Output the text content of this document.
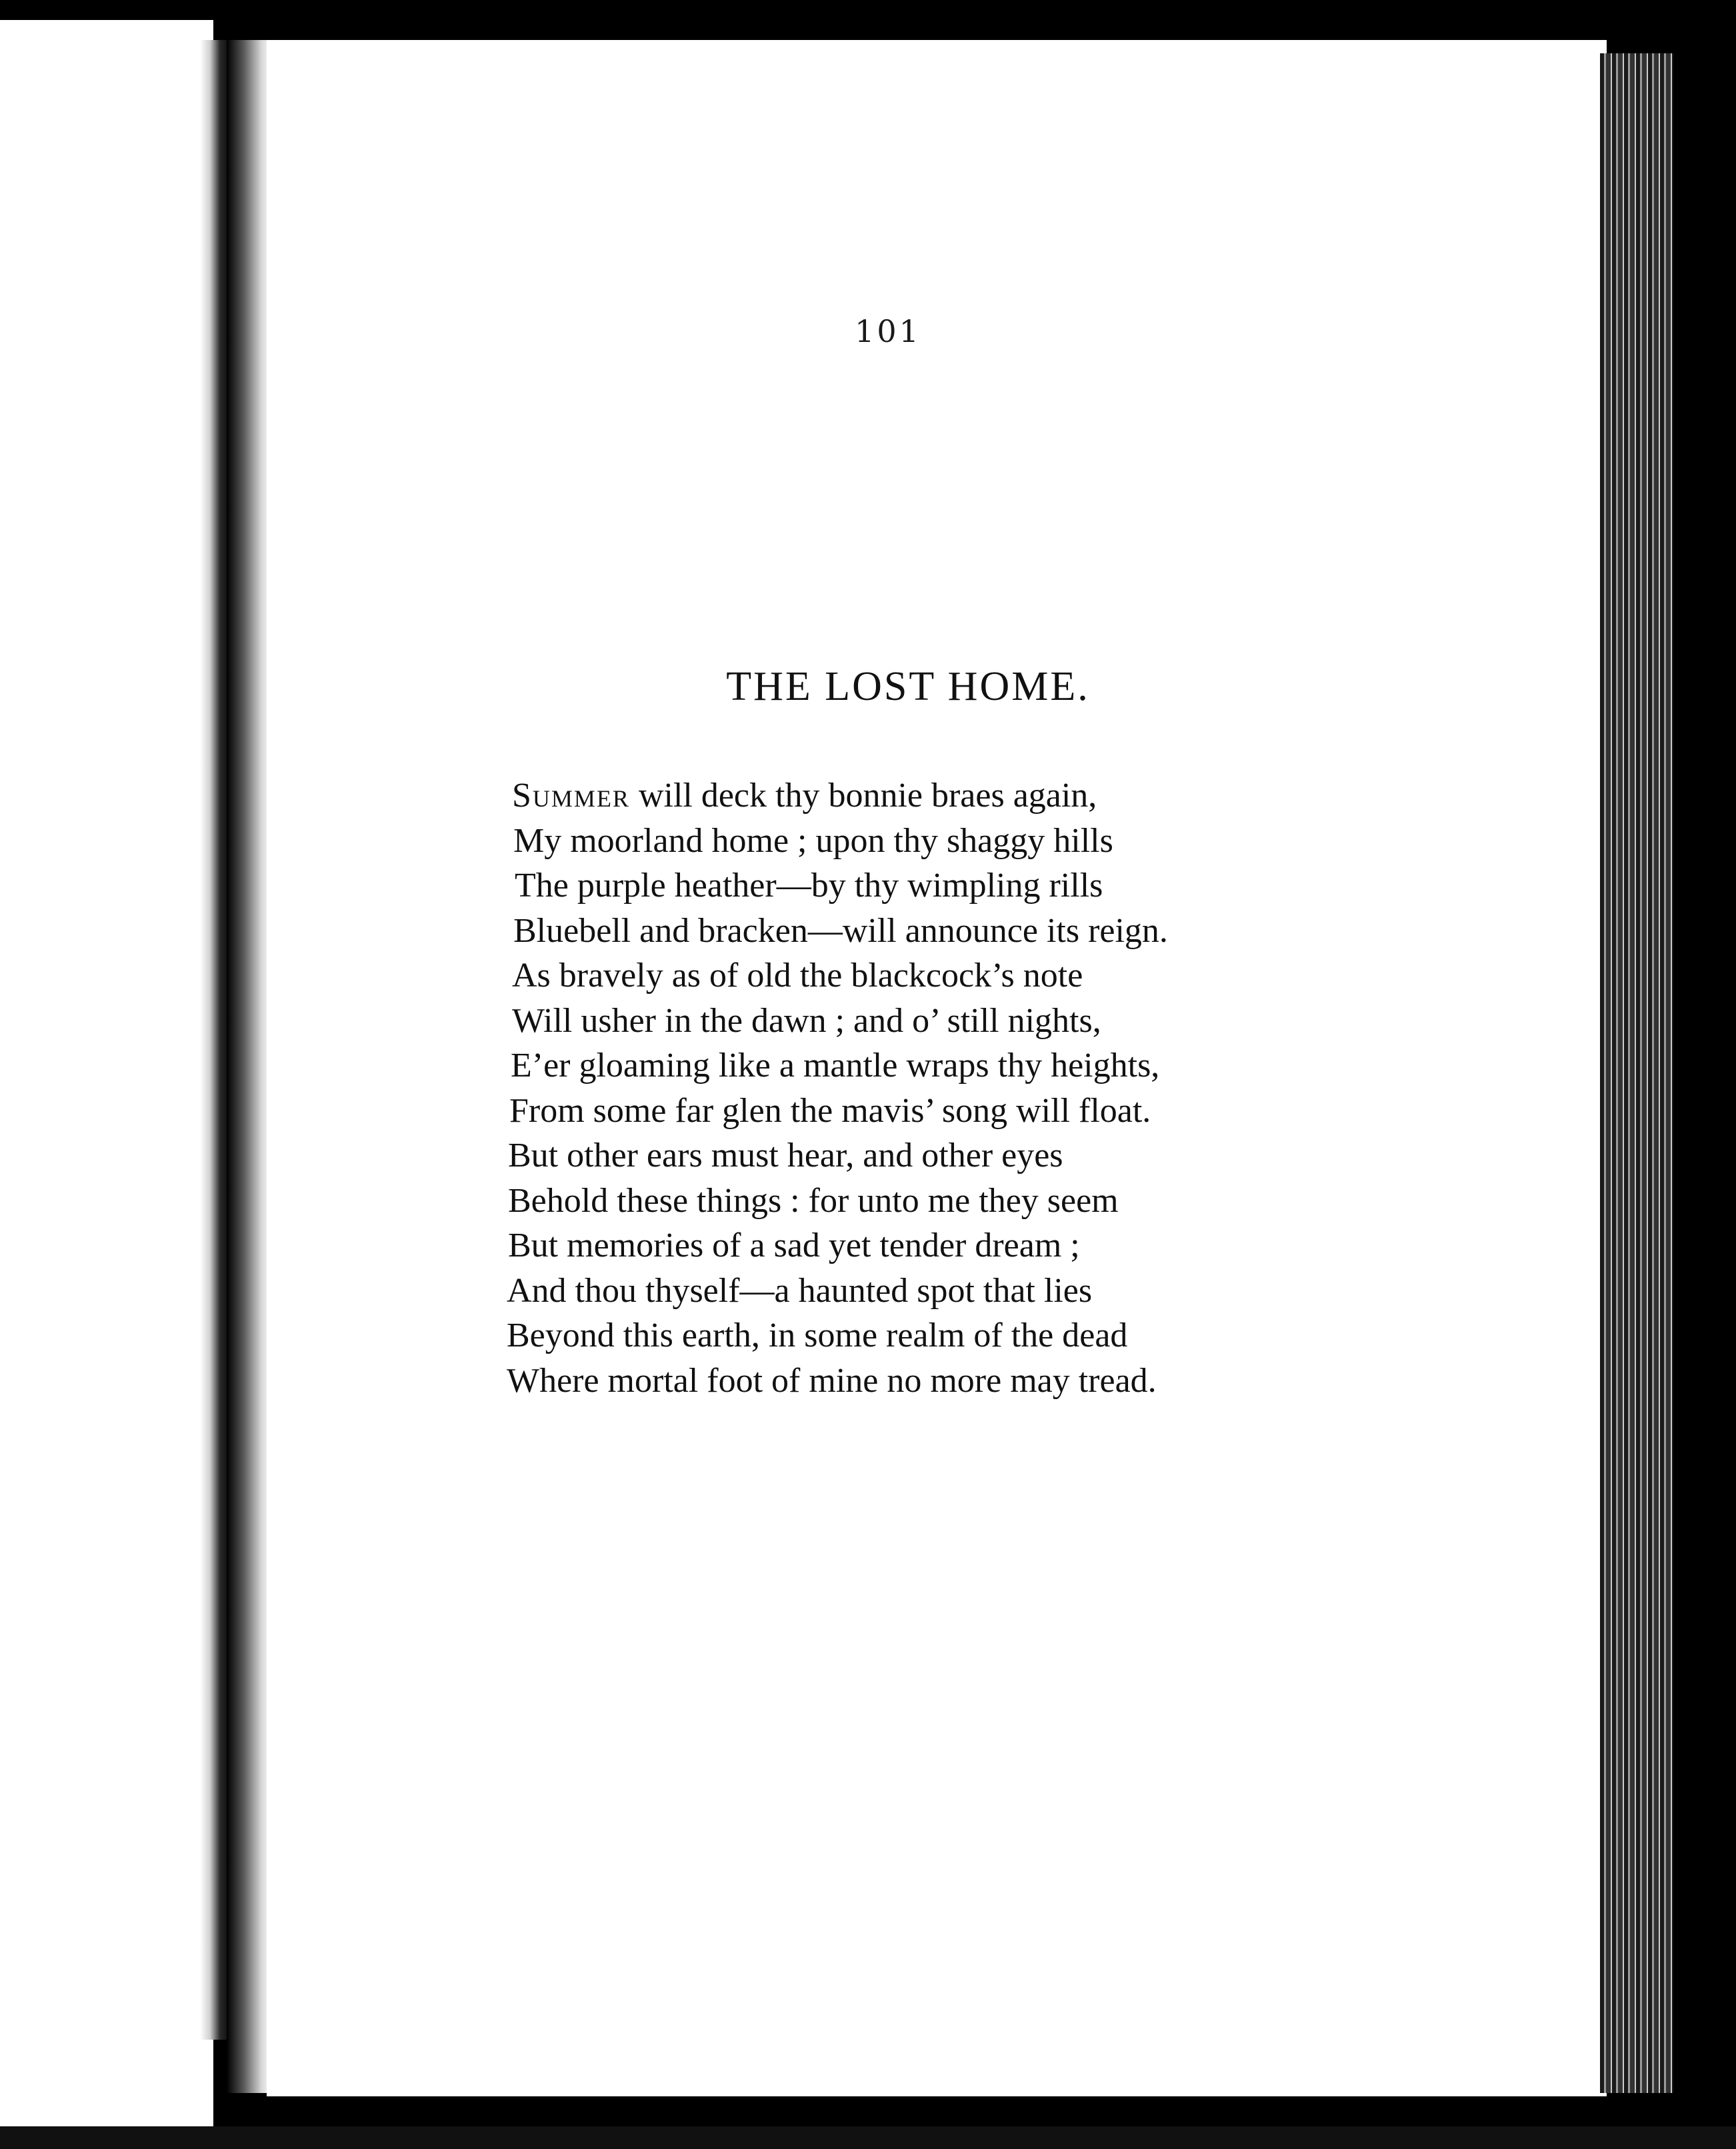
101
THE LOST HOME.
Summer will deck thy bonnie braes again,
My moorland home ; upon thy shaggy hills
The purple heather—by thy wimpling rills
Bluebell and bracken—will announce its reign.
As bravely as of old the blackcock’s note
Will usher in the dawn ; and o’ still nights,
E’er gloaming like a mantle wraps thy heights,
From some far glen the mavis’ song will float.
But other ears must hear, and other eyes
Behold these things : for unto me they seem
But memories of a sad yet tender dream ;
And thou thyself—a haunted spot that lies
Beyond this earth, in some realm of the dead
Where mortal foot of mine no more may tread.
